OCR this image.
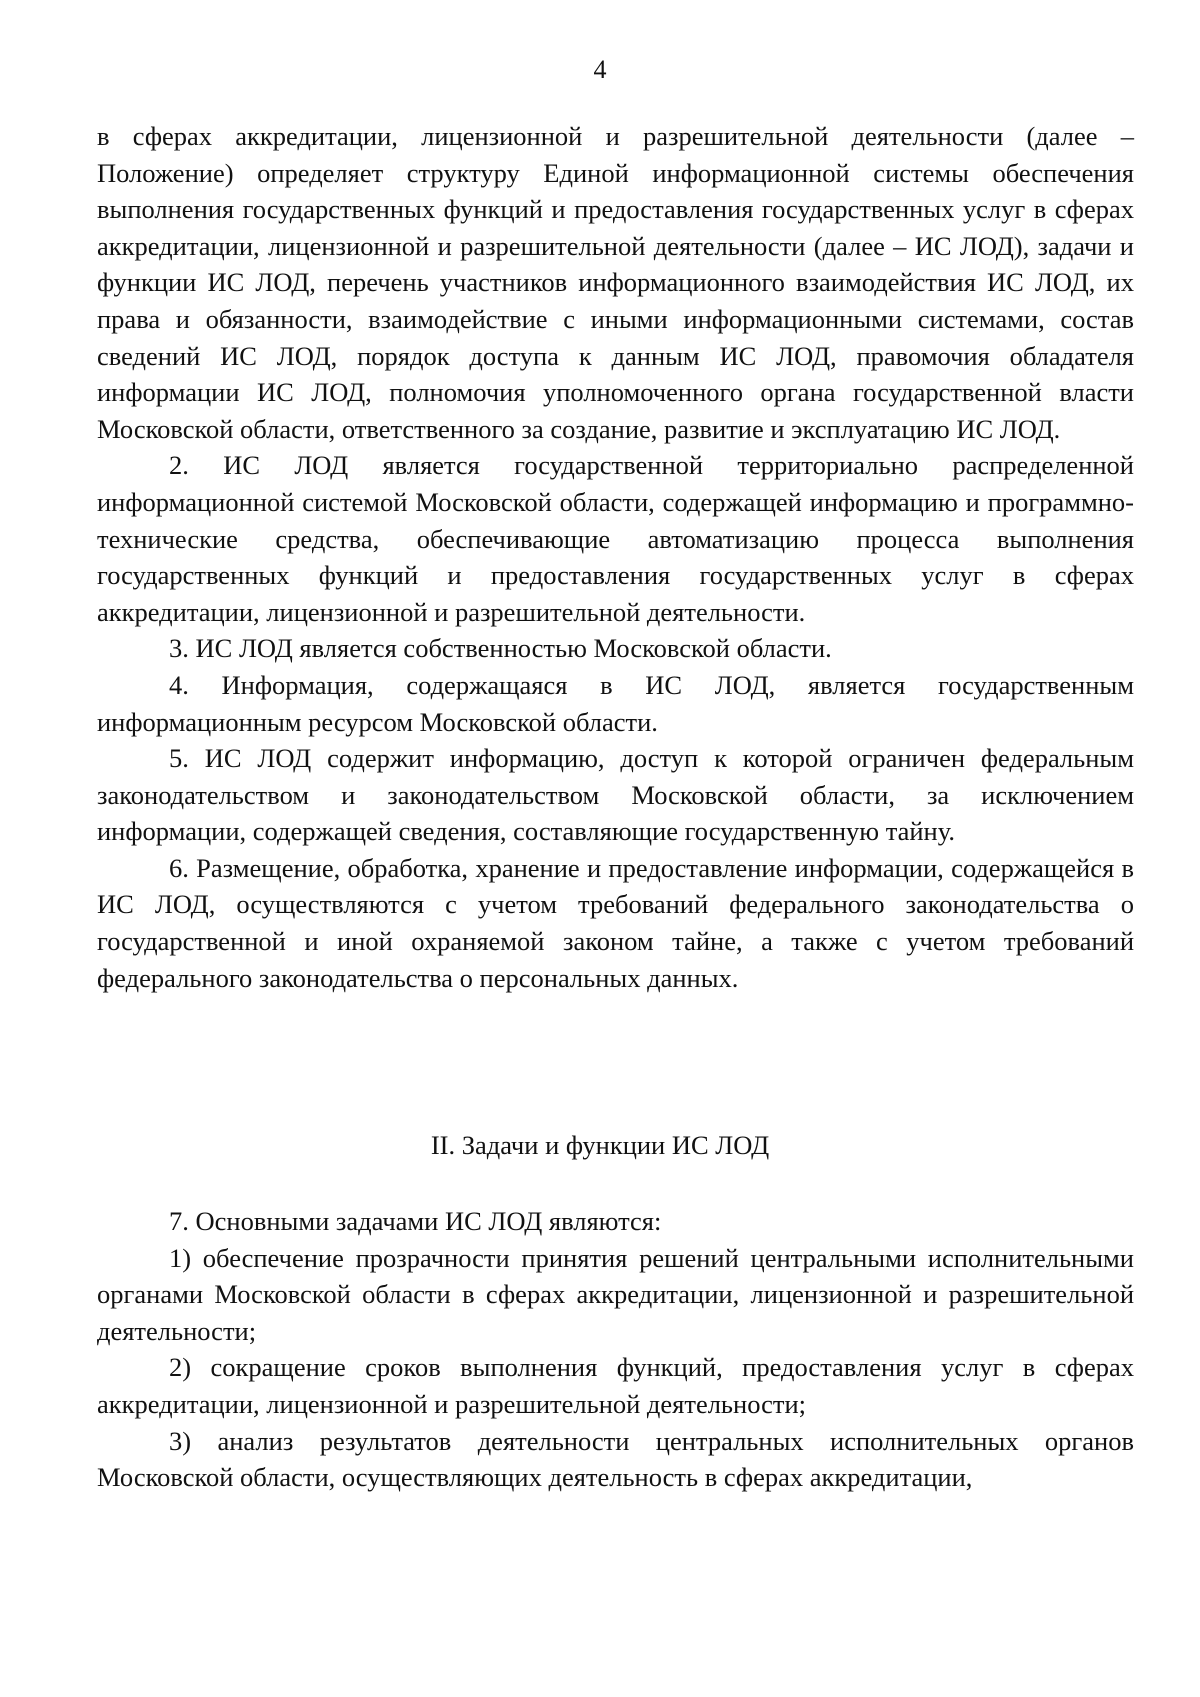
4

в сферах аккредитации, лицензионной и разрешительной деятельности (далее – Положение) определяет структуру Единой информационной системы обеспечения выполнения государственных функций и предоставления государственных услуг в сферах аккредитации, лицензионной и разрешительной деятельности (далее – ИС ЛОД), задачи и функции ИС ЛОД, перечень участников информационного взаимодействия ИС ЛОД, их права и обязанности, взаимодействие с иными информационными системами, состав сведений ИС ЛОД, порядок доступа к данным ИС ЛОД, правомочия обладателя информации ИС ЛОД, полномочия уполномоченного органа государственной власти Московской области, ответственного за создание, развитие и эксплуатацию ИС ЛОД.

2. ИС ЛОД является государственной территориально распределенной информационной системой Московской области, содержащей информацию и программно-технические средства, обеспечивающие автоматизацию процесса выполнения государственных функций и предоставления государственных услуг в сферах аккредитации, лицензионной и разрешительной деятельности.

3. ИС ЛОД является собственностью Московской области.

4. Информация, содержащаяся в ИС ЛОД, является государственным информационным ресурсом Московской области.

5. ИС ЛОД содержит информацию, доступ к которой ограничен федеральным законодательством и законодательством Московской области, за исключением информации, содержащей сведения, составляющие государственную тайну.

6. Размещение, обработка, хранение и предоставление информации, содержащейся в ИС ЛОД, осуществляются с учетом требований федерального законодательства о государственной и иной охраняемой законом тайне, а также с учетом требований федерального законодательства о персональных данных.

II. Задачи и функции ИС ЛОД

7. Основными задачами ИС ЛОД являются:

1) обеспечение прозрачности принятия решений центральными исполнительными органами Московской области в сферах аккредитации, лицензионной и разрешительной деятельности;

2) сокращение сроков выполнения функций, предоставления услуг в сферах аккредитации, лицензионной и разрешительной деятельности;

3) анализ результатов деятельности центральных исполнительных органов Московской области, осуществляющих деятельность в сферах аккредитации,
